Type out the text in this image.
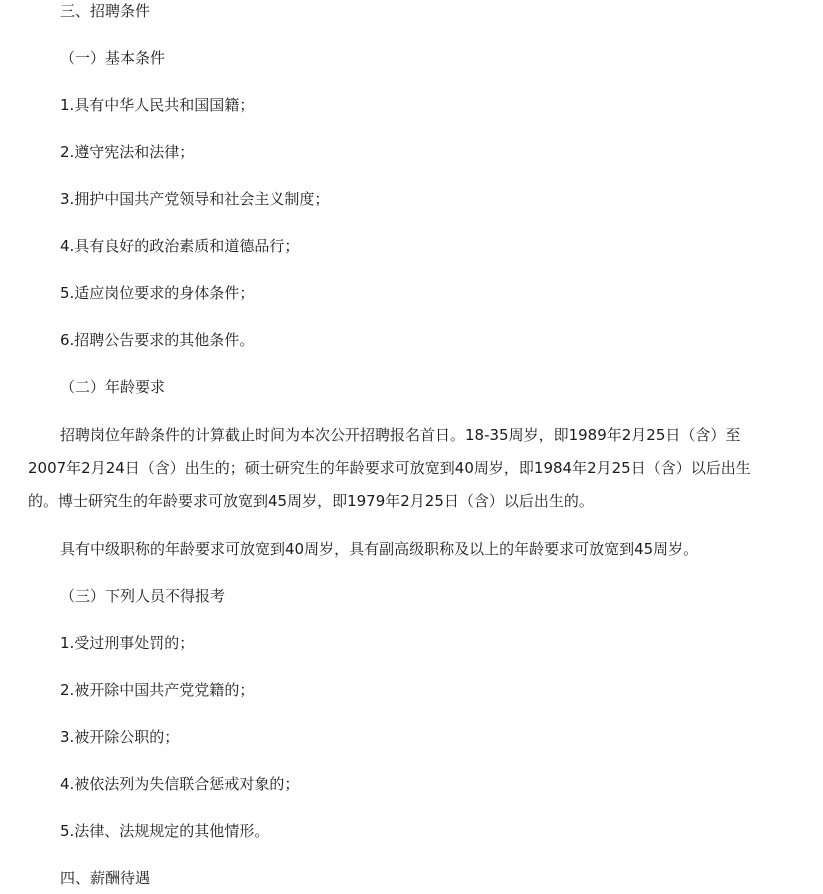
三、招聘条件

（一）基本条件

1.具有中华人民共和国国籍；

2.遵守宪法和法律；

3.拥护中国共产党领导和社会主义制度；

4.具有良好的政治素质和道德品行；

5.适应岗位要求的身体条件；

6.招聘公告要求的其他条件。

（二）年龄要求

招聘岗位年龄条件的计算截止时间为本次公开招聘报名首日。18-35周岁，即1989年2月25日（含）至2007年2月24日（含）出生的；硕士研究生的年龄要求可放宽到40周岁，即1984年2月25日（含）以后出生的。博士研究生的年龄要求可放宽到45周岁，即1979年2月25日（含）以后出生的。

具有中级职称的年龄要求可放宽到40周岁，具有副高级职称及以上的年龄要求可放宽到45周岁。

（三）下列人员不得报考

1.受过刑事处罚的；

2.被开除中国共产党党籍的；

3.被开除公职的；

4.被依法列为失信联合惩戒对象的；

5.法律、法规规定的其他情形。

四、薪酬待遇
